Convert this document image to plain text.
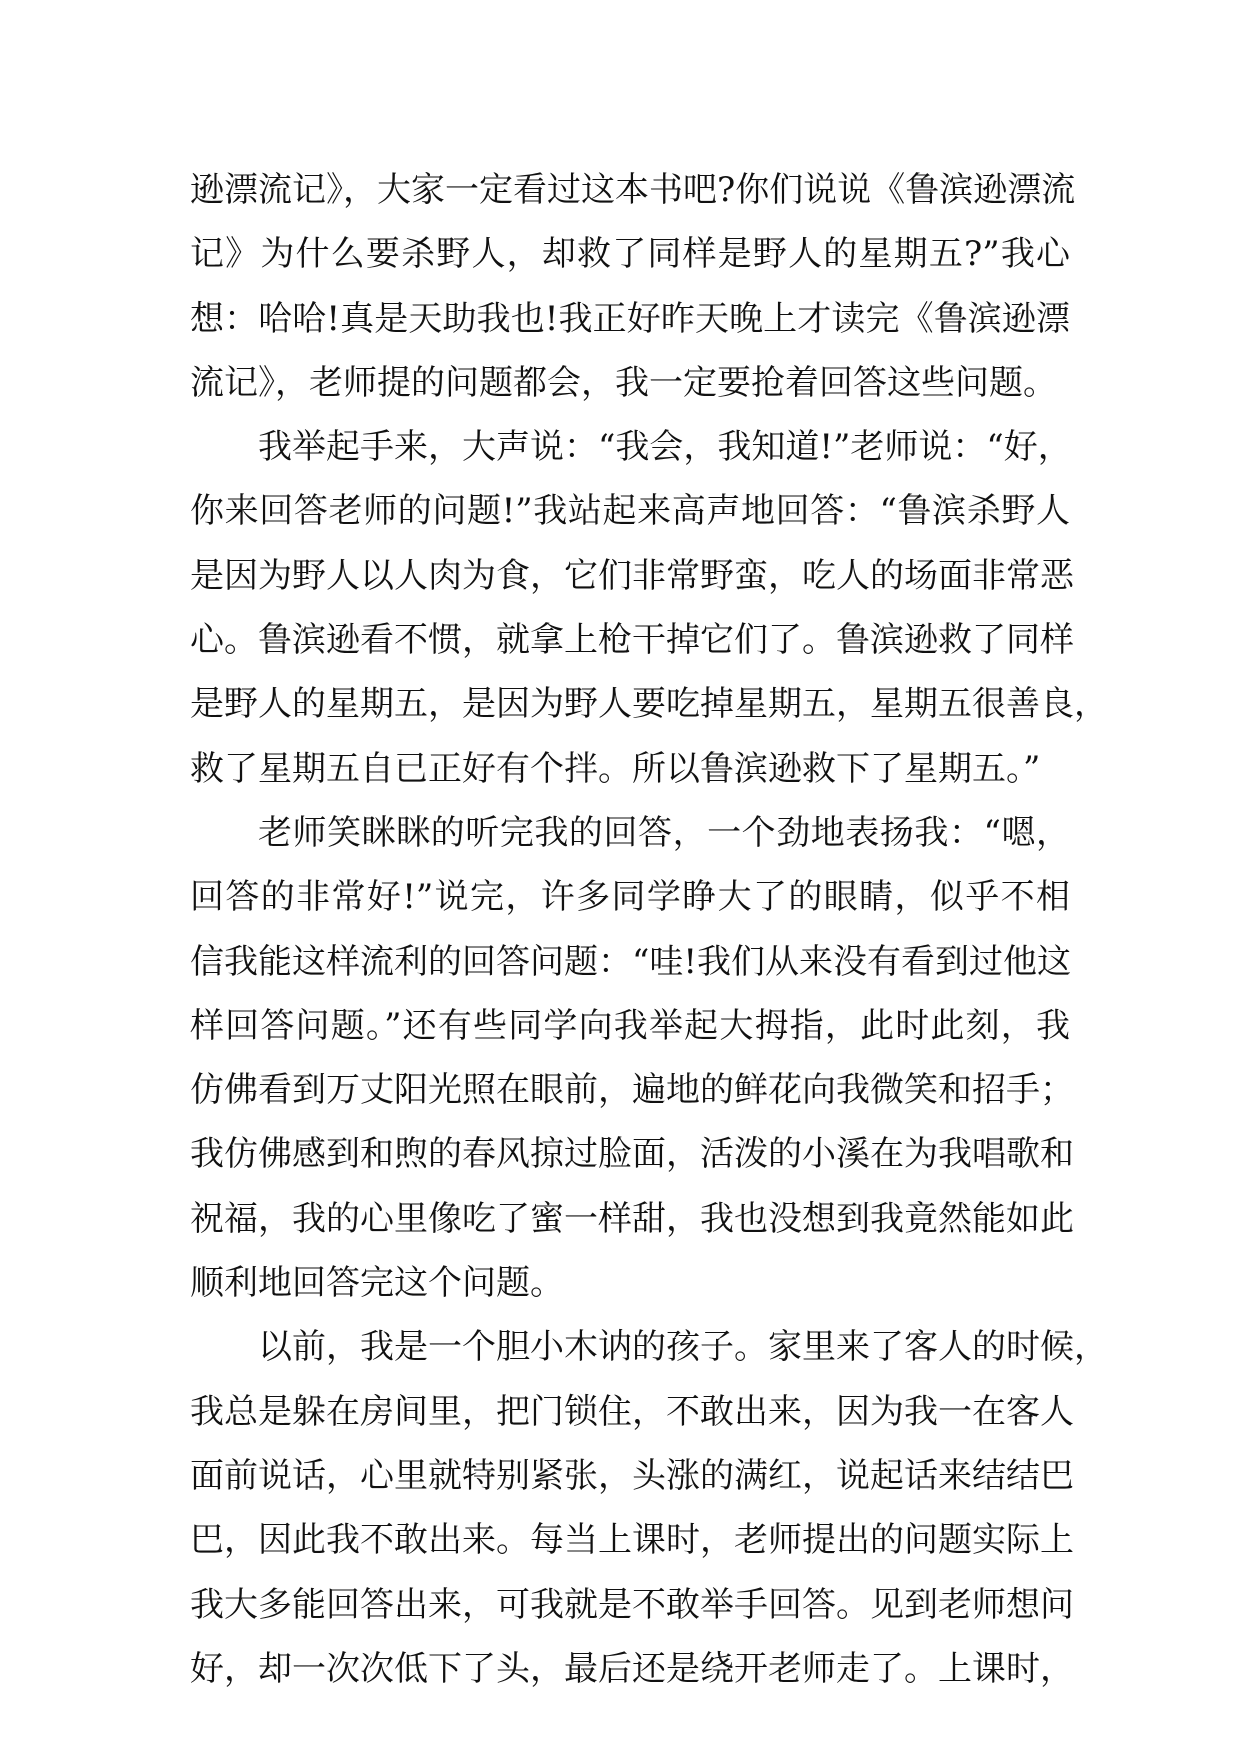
逊漂流记》，大家一定看过这本书吧?你们说说《鲁滨逊漂流
记》为什么要杀野人，却救了同样是野人的星期五?”我心
想：哈哈!真是天助我也!我正好昨天晚上才读完《鲁滨逊漂
流记》，老师提的问题都会，我一定要抢着回答这些问题。
我举起手来，大声说：“我会，我知道!”老师说：“好，
你来回答老师的问题!”我站起来高声地回答：“鲁滨杀野人
是因为野人以人肉为食，它们非常野蛮，吃人的场面非常恶
心。鲁滨逊看不惯，就拿上枪干掉它们了。鲁滨逊救了同样
是野人的星期五，是因为野人要吃掉星期五，星期五很善良，
救了星期五自已正好有个拌。所以鲁滨逊救下了星期五。”
老师笑眯眯的听完我的回答，一个劲地表扬我：“嗯，
回答的非常好!”说完，许多同学睁大了的眼睛，似乎不相
信我能这样流利的回答问题：“哇!我们从来没有看到过他这
样回答问题。”还有些同学向我举起大拇指，此时此刻，我
仿佛看到万丈阳光照在眼前，遍地的鲜花向我微笑和招手；
我仿佛感到和煦的春风掠过脸面，活泼的小溪在为我唱歌和
祝福，我的心里像吃了蜜一样甜，我也没想到我竟然能如此
顺利地回答完这个问题。
以前，我是一个胆小木讷的孩子。家里来了客人的时候，
我总是躲在房间里，把门锁住，不敢出来，因为我一在客人
面前说话，心里就特别紧张，头涨的满红，说起话来结结巴
巴，因此我不敢出来。每当上课时，老师提出的问题实际上
我大多能回答出来，可我就是不敢举手回答。见到老师想问
好，却一次次低下了头，最后还是绕开老师走了。上课时，
